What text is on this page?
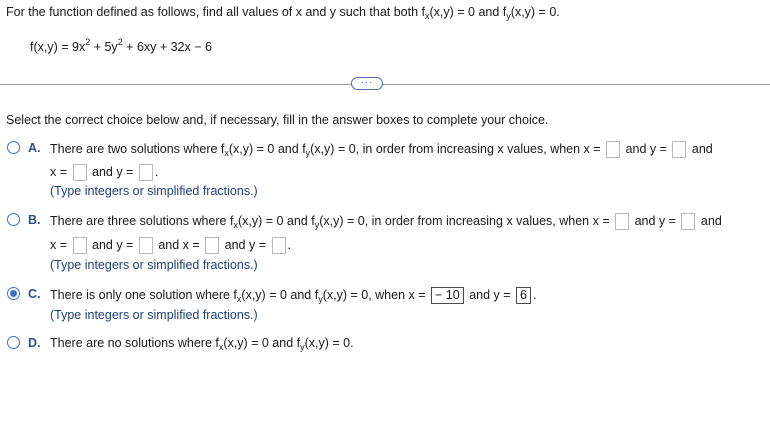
For the function defined as follows, find all values of x and y such that both $f_x(x,y) = 0$ and $f_y(x,y) = 0$.
$f(x,y) = 9x^2 + 5y^2 + 6xy + 32x - 6$
···
Select the correct choice below and, if necessary, fill in the answer boxes to complete your choice.
A. There are two solutions where $f_x(x,y) = 0$ and $f_y(x,y) = 0$, in order from increasing x values, when x = and y = and
x = and y = .
(Type integers or simplified fractions.)
B. There are three solutions where $f_x(x,y) = 0$ and $f_y(x,y) = 0$, in order from increasing x values, when x = and y = and
x = and y = and x = and y = .
(Type integers or simplified fractions.)
C. There is only one solution where $f_x(x,y) = 0$ and $f_y(x,y) = 0$, when x = − 10 and y = 6 .
(Type integers or simplified fractions.)
D. There are no solutions where $f_x(x,y) = 0$ and $f_y(x,y) = 0$.
